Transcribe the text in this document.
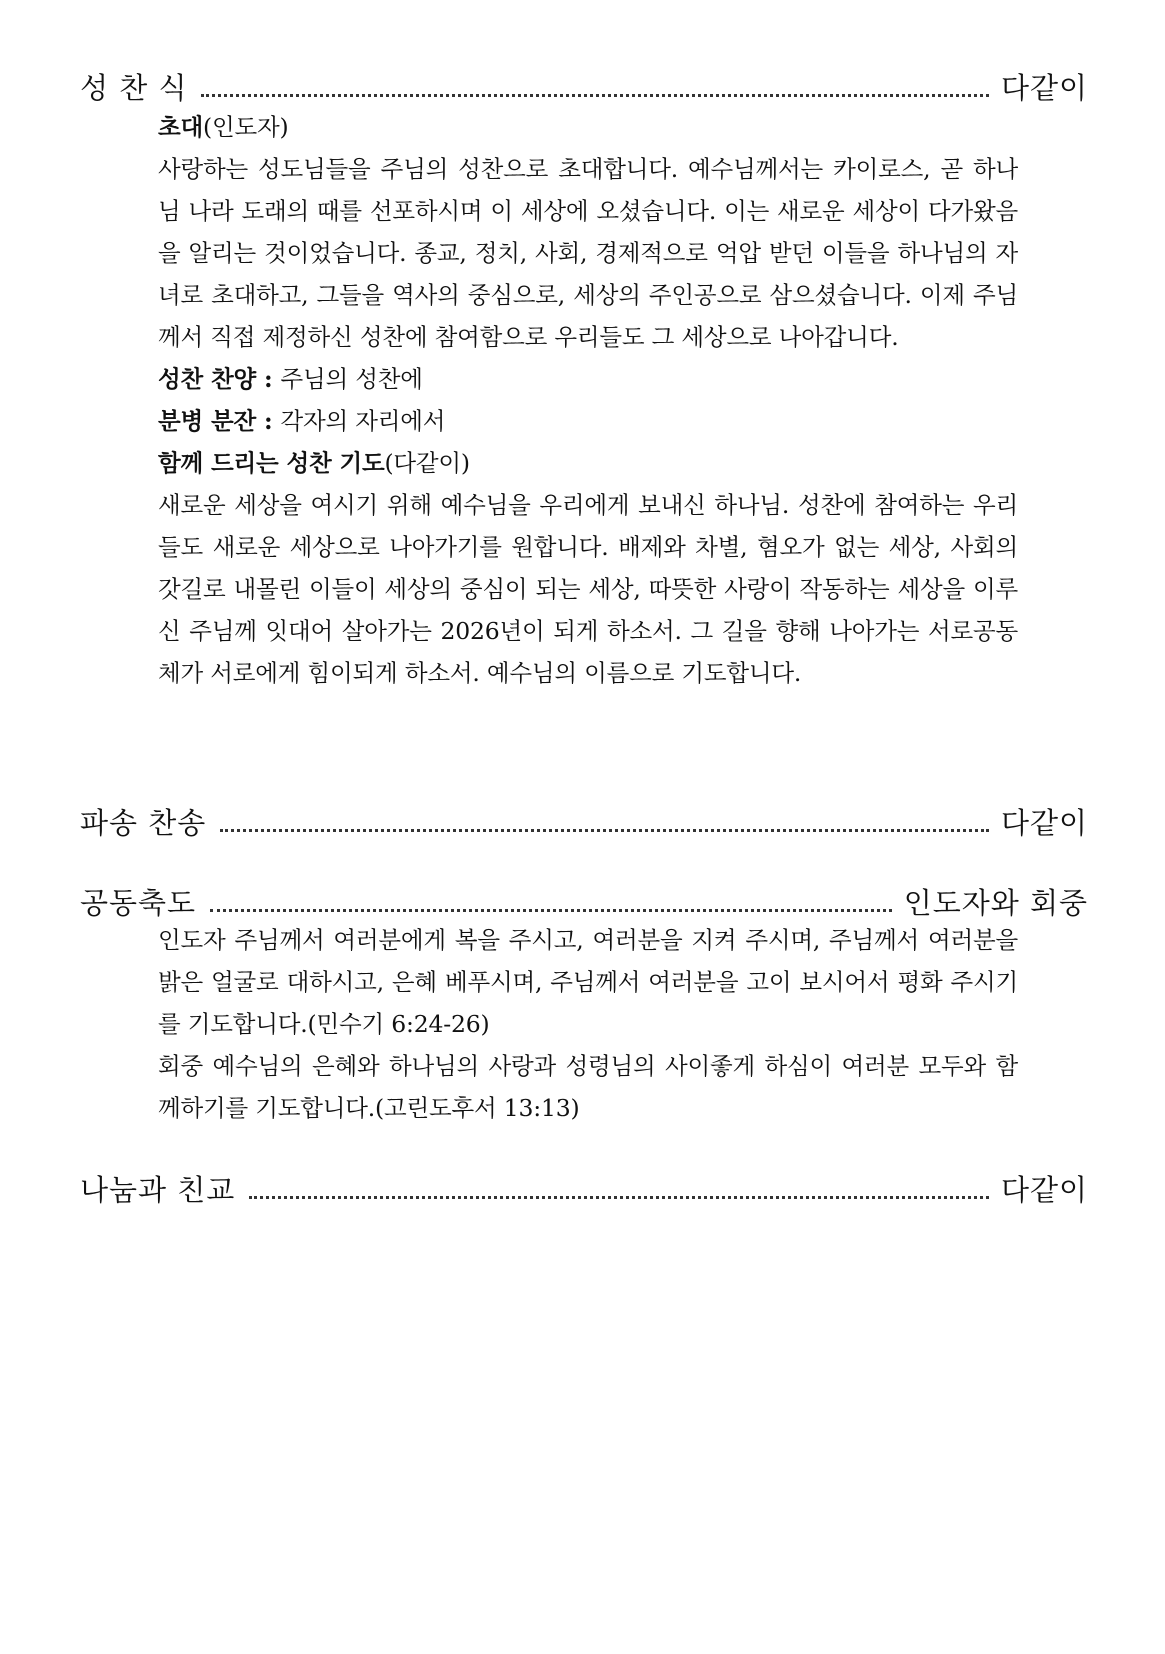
성 찬 식	다같이
초대(인도자)

사랑하는 성도님들을 주님의 성찬으로 초대합니다. 예수님께서는 카이로스, 곧 하나님 나라 도래의 때를 선포하시며 이 세상에 오셨습니다. 이는 새로운 세상이 다가왔음을 알리는 것이었습니다. 종교, 정치, 사회, 경제적으로 억압 받던 이들을 하나님의 자녀로 초대하고, 그들을 역사의 중심으로, 세상의 주인공으로 삼으셨습니다. 이제 주님께서 직접 제정하신 성찬에 참여함으로 우리들도 그 세상으로 나아갑니다.

성찬 찬양 : 주님의 성찬에
분병 분잔 : 각자의 자리에서
함께 드리는 성찬 기도(다같이)

새로운 세상을 여시기 위해 예수님을 우리에게 보내신 하나님. 성찬에 참여하는 우리들도 새로운 세상으로 나아가기를 원합니다. 배제와 차별, 혐오가 없는 세상, 사회의 갓길로 내몰린 이들이 세상의 중심이 되는 세상, 따뜻한 사랑이 작동하는 세상을 이루신 주님께 잇대어 살아가는 2026년이 되게 하소서. 그 길을 향해 나아가는 서로공동체가 서로에게 힘이되게 하소서. 예수님의 이름으로 기도합니다.

파송 찬송	다같이
공동축도	인도자와 회중

인도자 주님께서 여러분에게 복을 주시고, 여러분을 지켜 주시며, 주님께서 여러분을 밝은 얼굴로 대하시고, 은혜 베푸시며, 주님께서 여러분을 고이 보시어서 평화 주시기를 기도합니다.(민수기 6:24-26)

회중 예수님의 은혜와 하나님의 사랑과 성령님의 사이좋게 하심이 여러분 모두와 함께하기를 기도합니다.(고린도후서 13:13)

나눔과 친교	다같이
